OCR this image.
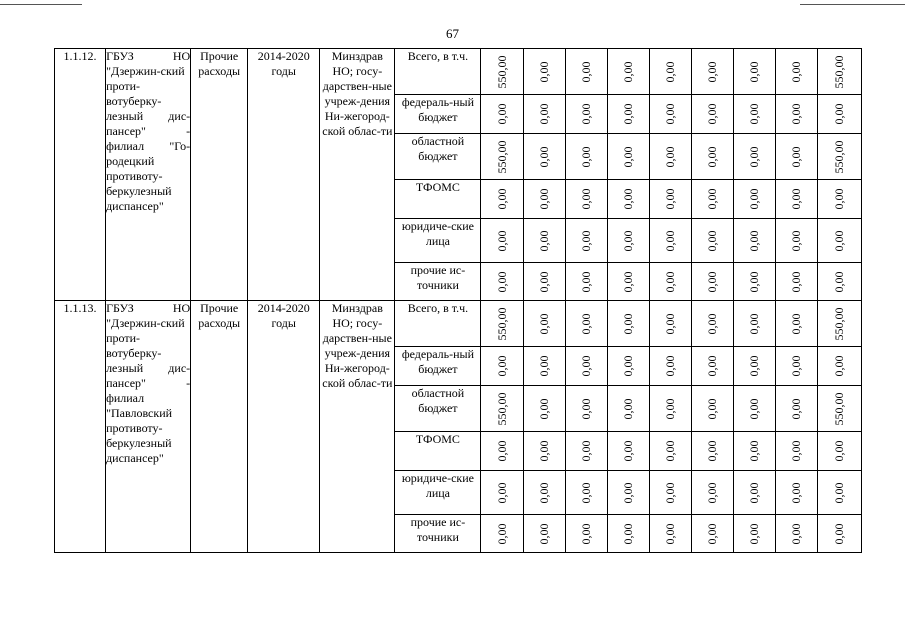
67
1.1.12.	ГБУЗ НО "Дзержин-ский проти-вотуберку-лезный дис-пансер" - филиал "Го-родецкий противоту-беркулезный диспансер"	Прочие расходы	2014-2020 годы	Минздрав НО; госу-дарствен-ные учреж-дения Ни-жегород-ской облас-ти	Всего, в т.ч.	550,00	0,00	0,00	0,00	0,00	0,00	0,00	0,00	550,00

					федераль-ный бюджет	0,00	0,00	0,00	0,00	0,00	0,00	0,00	0,00	0,00

					областной бюджет	550,00	0,00	0,00	0,00	0,00	0,00	0,00	0,00	550,00

					ТФОМС	0,00	0,00	0,00	0,00	0,00	0,00	0,00	0,00	0,00

					юридиче-ские лица	0,00	0,00	0,00	0,00	0,00	0,00	0,00	0,00	0,00

					прочие ис-точники	0,00	0,00	0,00	0,00	0,00	0,00	0,00	0,00	0,00

1.1.13.	ГБУЗ НО "Дзержин-ский проти-вотуберку-лезный дис-пансер" - филиал "Павловский противоту-беркулезный диспансер"	Прочие расходы	2014-2020 годы	Минздрав НО; госу-дарствен-ные учреж-дения Ни-жегород-ской облас-ти	Всего, в т.ч.	550,00	0,00	0,00	0,00	0,00	0,00	0,00	0,00	550,00

					федераль-ный бюджет	0,00	0,00	0,00	0,00	0,00	0,00	0,00	0,00	0,00

					областной бюджет	550,00	0,00	0,00	0,00	0,00	0,00	0,00	0,00	550,00

					ТФОМС	0,00	0,00	0,00	0,00	0,00	0,00	0,00	0,00	0,00

					юридиче-ские лица	0,00	0,00	0,00	0,00	0,00	0,00	0,00	0,00	0,00

					прочие ис-точники	0,00	0,00	0,00	0,00	0,00	0,00	0,00	0,00	0,00
